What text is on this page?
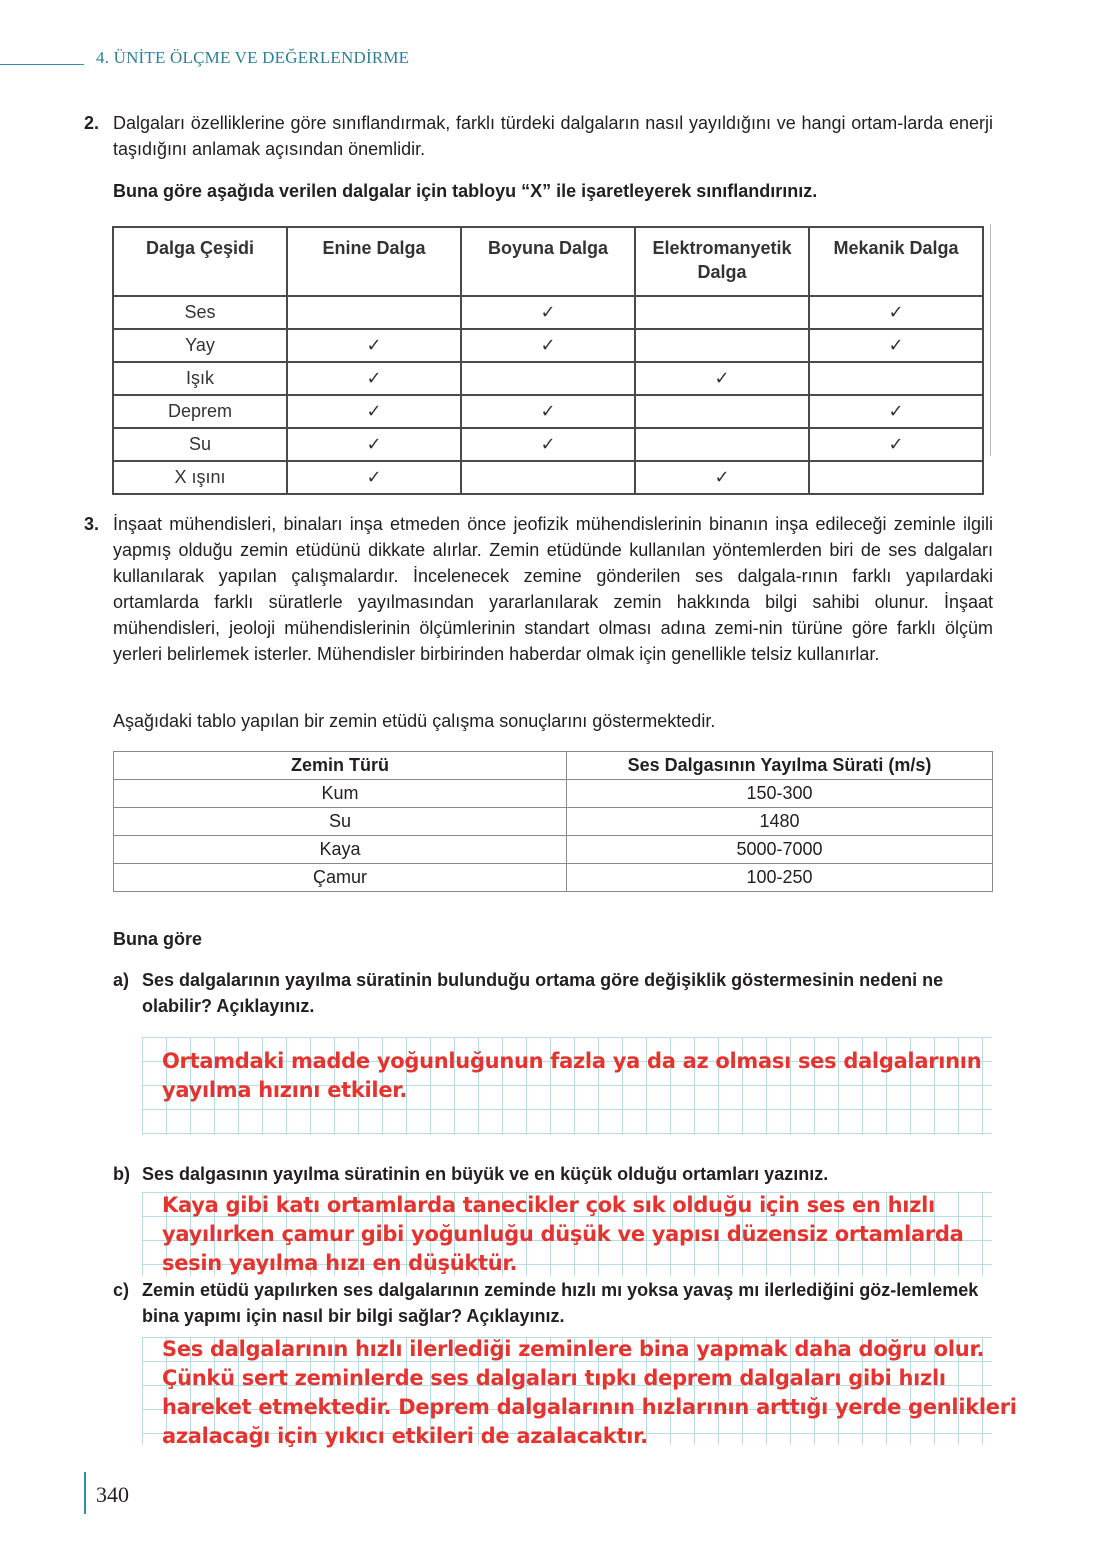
4. ÜNİTE ÖLÇME VE DEĞERLENDİRME
2. Dalgaları özelliklerine göre sınıflandırmak, farklı türdeki dalgaların nasıl yayıldığını ve hangi ortam-larda enerji taşıdığını anlamak açısından önemlidir.
Buna göre aşağıda verilen dalgalar için tabloyu “X” ile işaretleyerek sınıflandırınız.
Dalga Çeşidi	Enine Dalga	Boyuna Dalga	Elektromanyetik Dalga	Mekanik Dalga
Ses		✓		✓
Yay	✓	✓		✓
Işık	✓		✓	
Deprem	✓	✓		✓
Su	✓	✓		✓
X ışını	✓		✓	
3. İnşaat mühendisleri, binaları inşa etmeden önce jeofizik mühendislerinin binanın inşa edileceği zeminle ilgili yapmış olduğu zemin etüdünü dikkate alırlar. Zemin etüdünde kullanılan yöntemlerden biri de ses dalgaları kullanılarak yapılan çalışmalardır. İncelenecek zemine gönderilen ses dalgala-rının farklı yapılardaki ortamlarda farklı süratlerle yayılmasından yararlanılarak zemin hakkında bilgi sahibi olunur. İnşaat mühendisleri, jeoloji mühendislerinin ölçümlerinin standart olması adına zemi-nin türüne göre farklı ölçüm yerleri belirlemek isterler. Mühendisler birbirinden haberdar olmak için genellikle telsiz kullanırlar.
Aşağıdaki tablo yapılan bir zemin etüdü çalışma sonuçlarını göstermektedir.
Zemin Türü	Ses Dalgasının Yayılma Sürati (m/s)
Kum	150-300
Su	1480
Kaya	5000-7000
Çamur	100-250
Buna göre
a) Ses dalgalarının yayılma süratinin bulunduğu ortama göre değişiklik göstermesinin nedeni ne olabilir? Açıklayınız.
Ortamdaki madde yoğunluğunun fazla ya da az olması ses dalgalarının yayılma hızını etkiler.
b) Ses dalgasının yayılma süratinin en büyük ve en küçük olduğu ortamları yazınız.
Kaya gibi katı ortamlarda tanecikler çok sık olduğu için ses en hızlı yayılırken çamur gibi yoğunluğu düşük ve yapısı düzensiz ortamlarda sesin yayılma hızı en düşüktür.
c) Zemin etüdü yapılırken ses dalgalarının zeminde hızlı mı yoksa yavaş mı ilerlediğini göz-lemlemek bina yapımı için nasıl bir bilgi sağlar? Açıklayınız.
Ses dalgalarının hızlı ilerlediği zeminlere bina yapmak daha doğru olur. Çünkü sert zeminlerde ses dalgaları tıpkı deprem dalgaları gibi hızlı hareket etmektedir. Deprem dalgalarının hızlarının arttığı yerde genlikleri azalacağı için yıkıcı etkileri de azalacaktır.
340
